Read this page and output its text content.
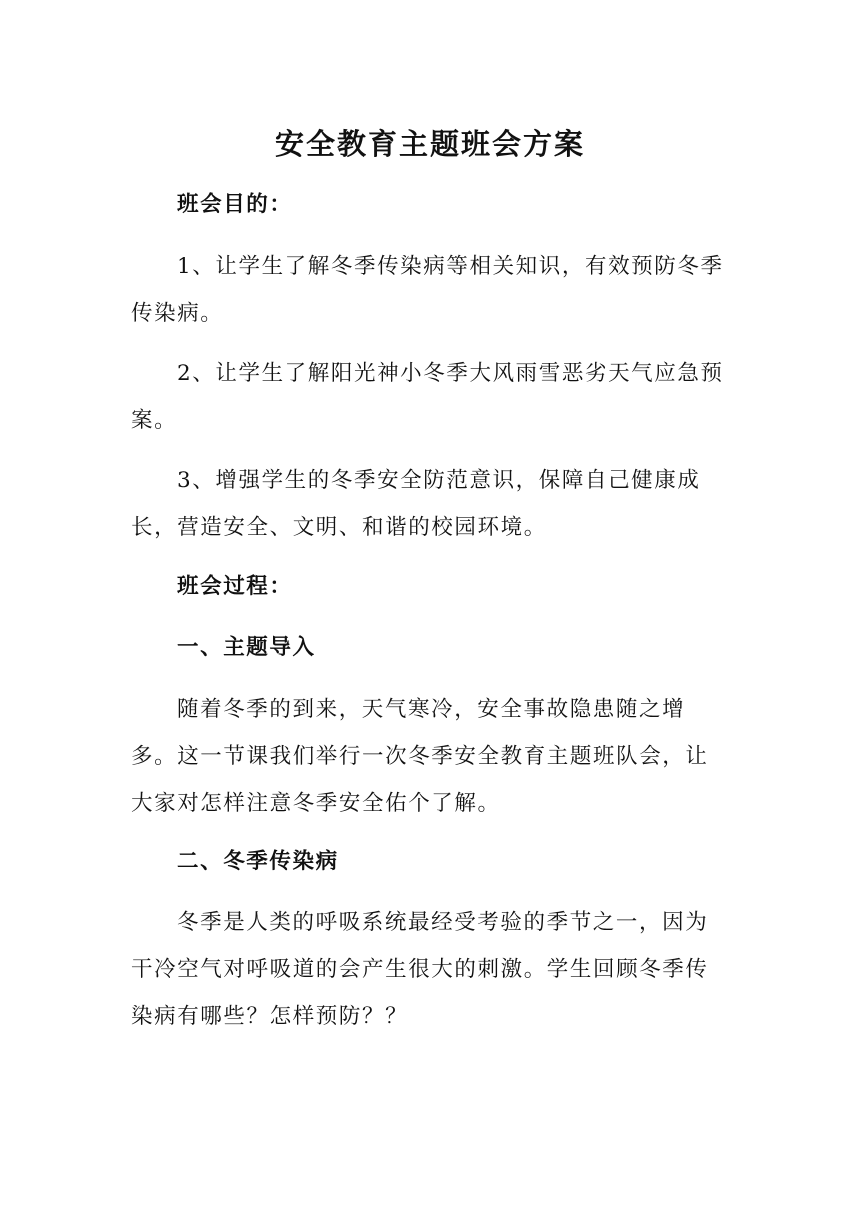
安全教育主题班会方案

班会目的：

1、让学生了解冬季传染病等相关知识，有效预防冬季传染病。

2、让学生了解阳光神小冬季大风雨雪恶劣天气应急预案。

3、增强学生的冬季安全防范意识，保障自己健康成长，营造安全、文明、和谐的校园环境。

班会过程：

一、主题导入

随着冬季的到来，天气寒冷，安全事故隐患随之增多。这一节课我们举行一次冬季安全教育主题班队会，让大家对怎样注意冬季安全佑个了解。

二、冬季传染病

冬季是人类的呼吸系统最经受考验的季节之一，因为干冷空气对呼吸道的会产生很大的刺激。学生回顾冬季传染病有哪些？怎样预防？？
